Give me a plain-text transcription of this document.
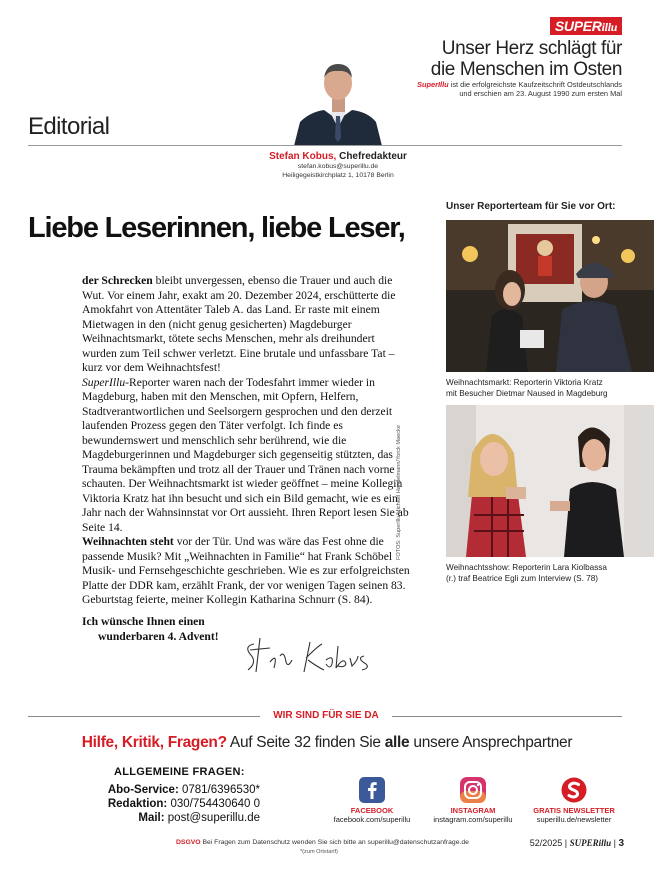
SUPERillu
Unser Herz schlägt für
die Menschen im Osten
SuperIllu ist die erfolgreichste Kaufzeitschrift Ostdeutschlands
und erschien am 23. August 1990 zum ersten Mal
Editorial
Stefan Kobus, Chefredakteur
stefan.kobus@superillu.de
Heiligegeistkirchplatz 1, 10178 Berlin
Liebe Leserinnen, liebe Leser,

der Schrecken bleibt unvergessen, ebenso die Trauer und auch die Wut. Vor einem Jahr, exakt am 20. Dezember 2024, erschütterte die Amokfahrt von Attentäter Taleb A. das Land. Er raste mit einem Mietwagen in den (nicht genug gesicherten) Magdeburger Weihnachtsmarkt, tötete sechs Menschen, mehr als dreihundert wurden zum Teil schwer verletzt. Eine brutale und unfassbare Tat – kurz vor dem Weihnachtsfest!

SuperIllu-Reporter waren nach der Todesfahrt immer wieder in Magdeburg, haben mit den Menschen, mit Opfern, Helfern, Stadtverantwortlichen und Seelsorgern gesprochen und den derzeit laufenden Prozess gegen den Täter verfolgt. Ich finde es bewundernswert und menschlich sehr berührend, wie die Magdeburgerinnen und Magdeburger sich gegenseitig stützten, das Trauma bekämpften und trotz all der Trauer und Tränen nach vorne schauten. Der Weihnachtsmarkt ist wieder geöffnet – meine Kollegin Viktoria Kratz hat ihn besucht und sich ein Bild gemacht, wie es ein Jahr nach der Wahnsinnstat vor Ort aussieht. Ihren Report lesen Sie ab Seite 14.

Weihnachten steht vor der Tür. Und was wäre das Fest ohne die passende Musik? Mit „Weihnachten in Familie“ hat Frank Schöbel Musik- und Fernsehgeschichte geschrieben. Wie es zur erfolgreichsten Platte der DDR kam, erzählt Frank, der vor wenigen Tagen seinen 83. Geburtstag feierte, meiner Kollegin Katharina Schnurr (S. 84).

Ich wünsche Ihnen einen
wunderbaren 4. Advent!
Unser Reporterteam für Sie vor Ort:
Weihnachtsmarkt: Reporterin Viktoria Kratz
mit Besucher Dietmar Naused in Magdeburg
FOTOS: SuperIllu/Michael Handelmann/Yorck Maecke
Weihnachtsshow: Reporterin Lara Kiolbassa
(r.) traf Beatrice Egli zum Interview (S. 78)
WIR SIND FÜR SIE DA
Hilfe, Kritik, Fragen? Auf Seite 32 finden Sie alle unsere Ansprechpartner
ALLGEMEINE FRAGEN:
Abo-Service: 0781/6396530*
Redaktion: 030/754430640 0
Mail: post@superillu.de
FACEBOOK
facebook.com/superillu
INSTAGRAM
instagram.com/superillu
GRATIS NEWSLETTER
superillu.de/newsletter
DSGVO Bei Fragen zum Datenschutz wenden Sie sich bitte an superillu@datenschutzanfrage.de
*(zum Ortstarif)
52/2025 | SUPERillu | 3
